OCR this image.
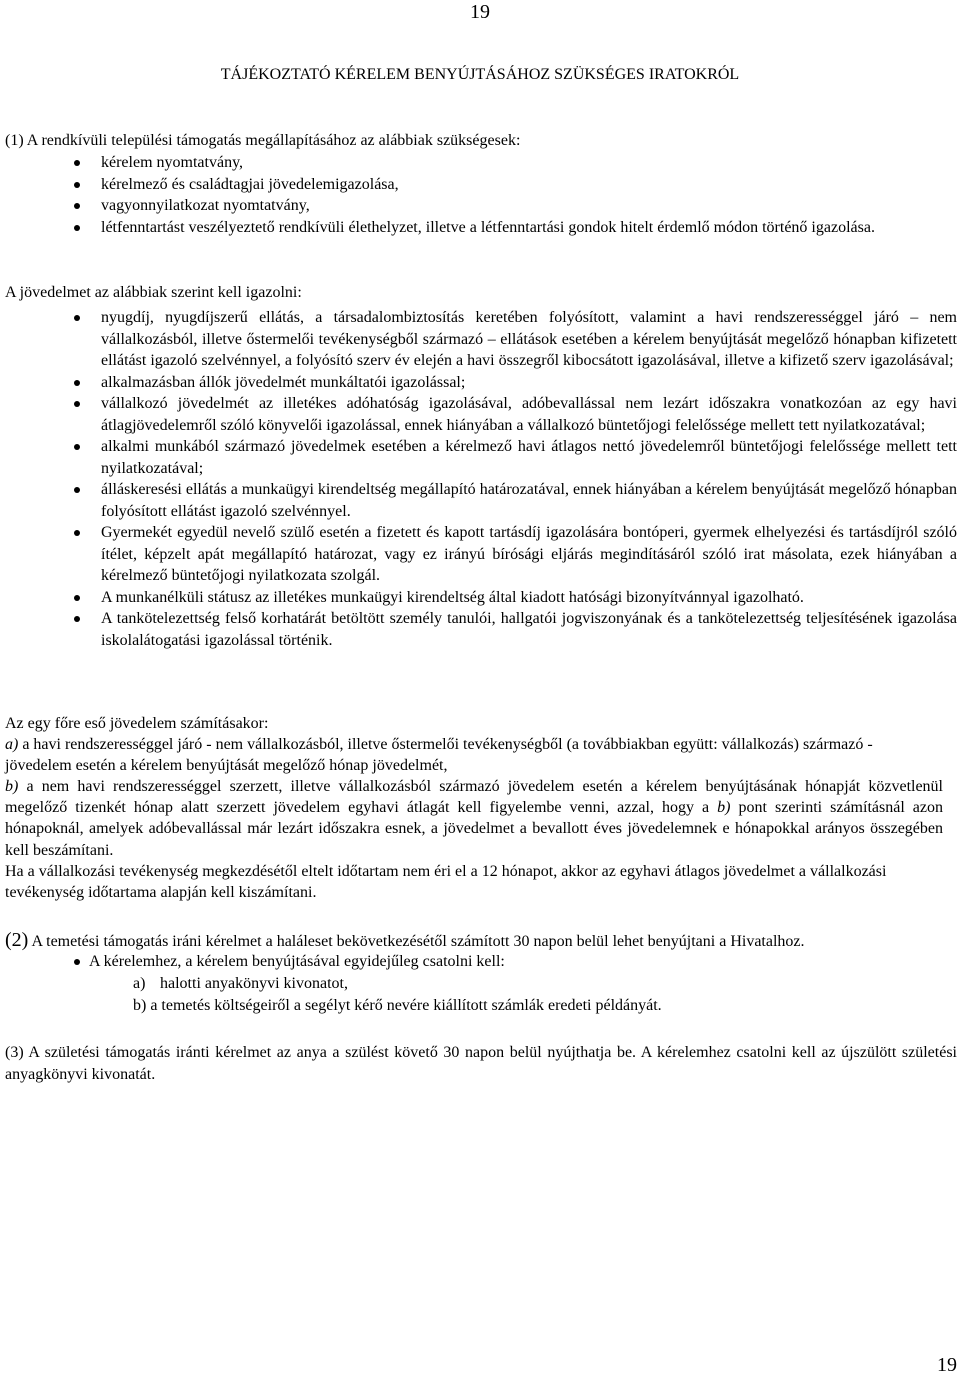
19
TÁJÉKOZTATÓ KÉRELEM BENYÚJTÁSÁHOZ SZÜKSÉGES IRATOKRÓL
(1) A rendkívüli települési támogatás megállapításához az alábbiak szükségesek:
kérelem nyomtatvány,
kérelmező és családtagjai jövedelemigazolása,
vagyonnyilatkozat nyomtatvány,
létfenntartást veszélyeztető rendkívüli élethelyzet, illetve a létfenntartási gondok hitelt érdemlő módon történő igazolása.
A jövedelmet az alábbiak szerint kell igazolni:
nyugdíj, nyugdíjszerű ellátás, a társadalombiztosítás keretében folyósított, valamint a havi rendszerességgel járó – nem vállalkozásból, illetve őstermelői tevékenységből származó – ellátások esetében a kérelem benyújtását megelőző hónapban kifizetett ellátást igazoló szelvénnyel, a folyósító szerv év elején a havi összegről kibocsátott igazolásával, illetve a kifizető szerv igazolásával;
alkalmazásban állók jövedelmét munkáltatói igazolással;
vállalkozó jövedelmét az illetékes adóhatóság igazolásával, adóbevallással nem lezárt időszakra vonatkozóan az egy havi átlagjövedelemről szóló könyvelői igazolással, ennek hiányában a vállalkozó büntetőjogi felelőssége mellett tett nyilatkozatával;
alkalmi munkából származó jövedelmek esetében a kérelmező havi átlagos nettó jövedelemről büntetőjogi felelőssége mellett tett nyilatkozatával;
álláskeresési ellátás a munkaügyi kirendeltség megállapító határozatával, ennek hiányában a kérelem benyújtását megelőző hónapban folyósított ellátást igazoló szelvénnyel.
Gyermekét egyedül nevelő szülő esetén a fizetett és kapott tartásdíj igazolására bontóperi, gyermek elhelyezési és tartásdíjról szóló ítélet, képzelt apát megállapító határozat, vagy ez irányú bírósági eljárás megindításáról szóló irat másolata, ezek hiányában a kérelmező büntetőjogi nyilatkozata szolgál.
A munkanélküli státusz az illetékes munkaügyi kirendeltség által kiadott hatósági bizonyítvánnyal igazolható.
A tankötelezettség felső korhatárát betöltött személy tanulói, hallgatói jogviszonyának és a tankötelezettség teljesítésének igazolása iskolalátogatási igazolással történik.

Az egy főre eső jövedelem számításakor:

a) a havi rendszerességgel járó - nem vállalkozásból, illetve őstermelői tevékenységből (a továbbiakban együtt: vállalkozás) származó - jövedelem esetén a kérelem benyújtását megelőző hónap jövedelmét,

b) a nem havi rendszerességgel szerzett, illetve vállalkozásból származó jövedelem esetén a kérelem benyújtásának hónapját közvetlenül megelőző tizenkét hónap alatt szerzett jövedelem egyhavi átlagát kell figyelembe venni, azzal, hogy a b) pont szerinti számításnál azon hónapoknál, amelyek adóbevallással már lezárt időszakra esnek, a jövedelmet a bevallott éves jövedelemnek e hónapokkal arányos összegében kell beszámítani.

Ha a vállalkozási tevékenység megkezdésétől eltelt időtartam nem éri el a 12 hónapot, akkor az egyhavi átlagos jövedelmet a vállalkozási tevékenység időtartama alapján kell kiszámítani.

(2) A temetési támogatás iráni kérelmet a haláleset bekövetkezésétől számított 30 napon belül lehet benyújtani a Hivatalhoz.
A kérelemhez, a kérelem benyújtásával egyidejűleg csatolni kell:
a) halotti anyakönyvi kivonatot,
b) a temetés költségeiről a segélyt kérő nevére kiállított számlák eredeti példányát.
(3) A születési támogatás iránti kérelmet az anya a szülést követő 30 napon belül nyújthatja be. A kérelemhez csatolni kell az újszülött születési anyagkönyvi kivonatát.
19
